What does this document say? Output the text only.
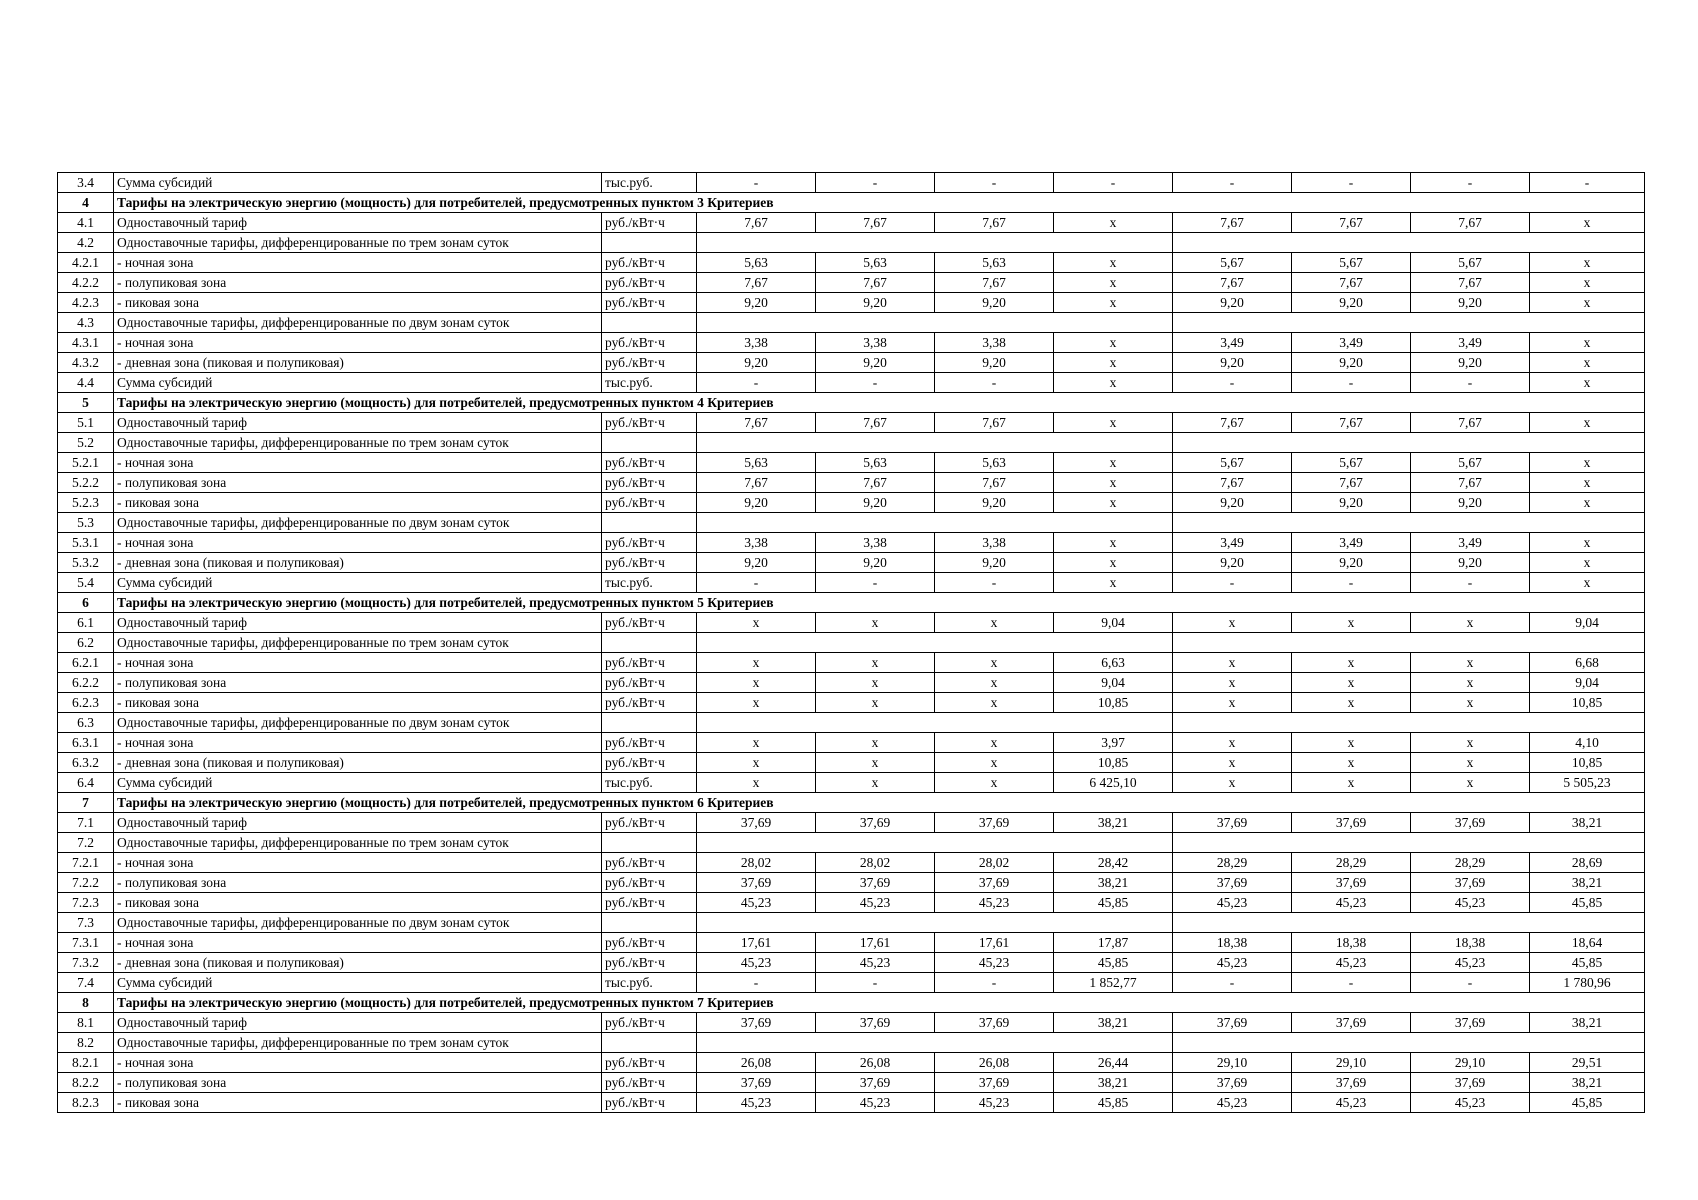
3.4	Сумма субсидий	тыс.руб.	-	-	-	-	-	-	-	-
4	Тарифы на электрическую энергию (мощность) для потребителей, предусмотренных пунктом 3 Критериев									
4.1	Одноставочный тариф	руб./кВт·ч	7,67	7,67	7,67	х	7,67	7,67	7,67	х
4.2	Одноставочные тарифы, дифференцированные по трем зонам суток									
4.2.1	- ночная зона	руб./кВт·ч	5,63	5,63	5,63	х	5,67	5,67	5,67	х
4.2.2	- полупиковая зона	руб./кВт·ч	7,67	7,67	7,67	х	7,67	7,67	7,67	х
4.2.3	- пиковая зона	руб./кВт·ч	9,20	9,20	9,20	х	9,20	9,20	9,20	х
4.3	Одноставочные тарифы, дифференцированные по двум зонам суток									
4.3.1	- ночная зона	руб./кВт·ч	3,38	3,38	3,38	х	3,49	3,49	3,49	х
4.3.2	- дневная зона (пиковая и полупиковая)	руб./кВт·ч	9,20	9,20	9,20	х	9,20	9,20	9,20	х
4.4	Сумма субсидий	тыс.руб.	-	-	-	х	-	-	-	х
5	Тарифы на электрическую энергию (мощность) для потребителей, предусмотренных пунктом 4 Критериев									
5.1	Одноставочный тариф	руб./кВт·ч	7,67	7,67	7,67	х	7,67	7,67	7,67	х
5.2	Одноставочные тарифы, дифференцированные по трем зонам суток									
5.2.1	- ночная зона	руб./кВт·ч	5,63	5,63	5,63	х	5,67	5,67	5,67	х
5.2.2	- полупиковая зона	руб./кВт·ч	7,67	7,67	7,67	х	7,67	7,67	7,67	х
5.2.3	- пиковая зона	руб./кВт·ч	9,20	9,20	9,20	х	9,20	9,20	9,20	х
5.3	Одноставочные тарифы, дифференцированные по двум зонам суток									
5.3.1	- ночная зона	руб./кВт·ч	3,38	3,38	3,38	х	3,49	3,49	3,49	х
5.3.2	- дневная зона (пиковая и полупиковая)	руб./кВт·ч	9,20	9,20	9,20	х	9,20	9,20	9,20	х
5.4	Сумма субсидий	тыс.руб.	-	-	-	х	-	-	-	х
6	Тарифы на электрическую энергию (мощность) для потребителей, предусмотренных пунктом 5 Критериев									
6.1	Одноставочный тариф	руб./кВт·ч	х	х	х	9,04	х	х	х	9,04
6.2	Одноставочные тарифы, дифференцированные по трем зонам суток									
6.2.1	- ночная зона	руб./кВт·ч	х	х	х	6,63	х	х	х	6,68
6.2.2	- полупиковая зона	руб./кВт·ч	х	х	х	9,04	х	х	х	9,04
6.2.3	- пиковая зона	руб./кВт·ч	х	х	х	10,85	х	х	х	10,85
6.3	Одноставочные тарифы, дифференцированные по двум зонам суток									
6.3.1	- ночная зона	руб./кВт·ч	х	х	х	3,97	х	х	х	4,10
6.3.2	- дневная зона (пиковая и полупиковая)	руб./кВт·ч	х	х	х	10,85	х	х	х	10,85
6.4	Сумма субсидий	тыс.руб.	х	х	х	6 425,10	х	х	х	5 505,23
7	Тарифы на электрическую энергию (мощность) для потребителей, предусмотренных пунктом 6 Критериев									
7.1	Одноставочный тариф	руб./кВт·ч	37,69	37,69	37,69	38,21	37,69	37,69	37,69	38,21
7.2	Одноставочные тарифы, дифференцированные по трем зонам суток									
7.2.1	- ночная зона	руб./кВт·ч	28,02	28,02	28,02	28,42	28,29	28,29	28,29	28,69
7.2.2	- полупиковая зона	руб./кВт·ч	37,69	37,69	37,69	38,21	37,69	37,69	37,69	38,21
7.2.3	- пиковая зона	руб./кВт·ч	45,23	45,23	45,23	45,85	45,23	45,23	45,23	45,85
7.3	Одноставочные тарифы, дифференцированные по двум зонам суток									
7.3.1	- ночная зона	руб./кВт·ч	17,61	17,61	17,61	17,87	18,38	18,38	18,38	18,64
7.3.2	- дневная зона (пиковая и полупиковая)	руб./кВт·ч	45,23	45,23	45,23	45,85	45,23	45,23	45,23	45,85
7.4	Сумма субсидий	тыс.руб.	-	-	-	1 852,77	-	-	-	1 780,96
8	Тарифы на электрическую энергию (мощность) для потребителей, предусмотренных пунктом 7 Критериев									
8.1	Одноставочный тариф	руб./кВт·ч	37,69	37,69	37,69	38,21	37,69	37,69	37,69	38,21
8.2	Одноставочные тарифы, дифференцированные по трем зонам суток									
8.2.1	- ночная зона	руб./кВт·ч	26,08	26,08	26,08	26,44	29,10	29,10	29,10	29,51
8.2.2	- полупиковая зона	руб./кВт·ч	37,69	37,69	37,69	38,21	37,69	37,69	37,69	38,21
8.2.3	- пиковая зона	руб./кВт·ч	45,23	45,23	45,23	45,85	45,23	45,23	45,23	45,85
